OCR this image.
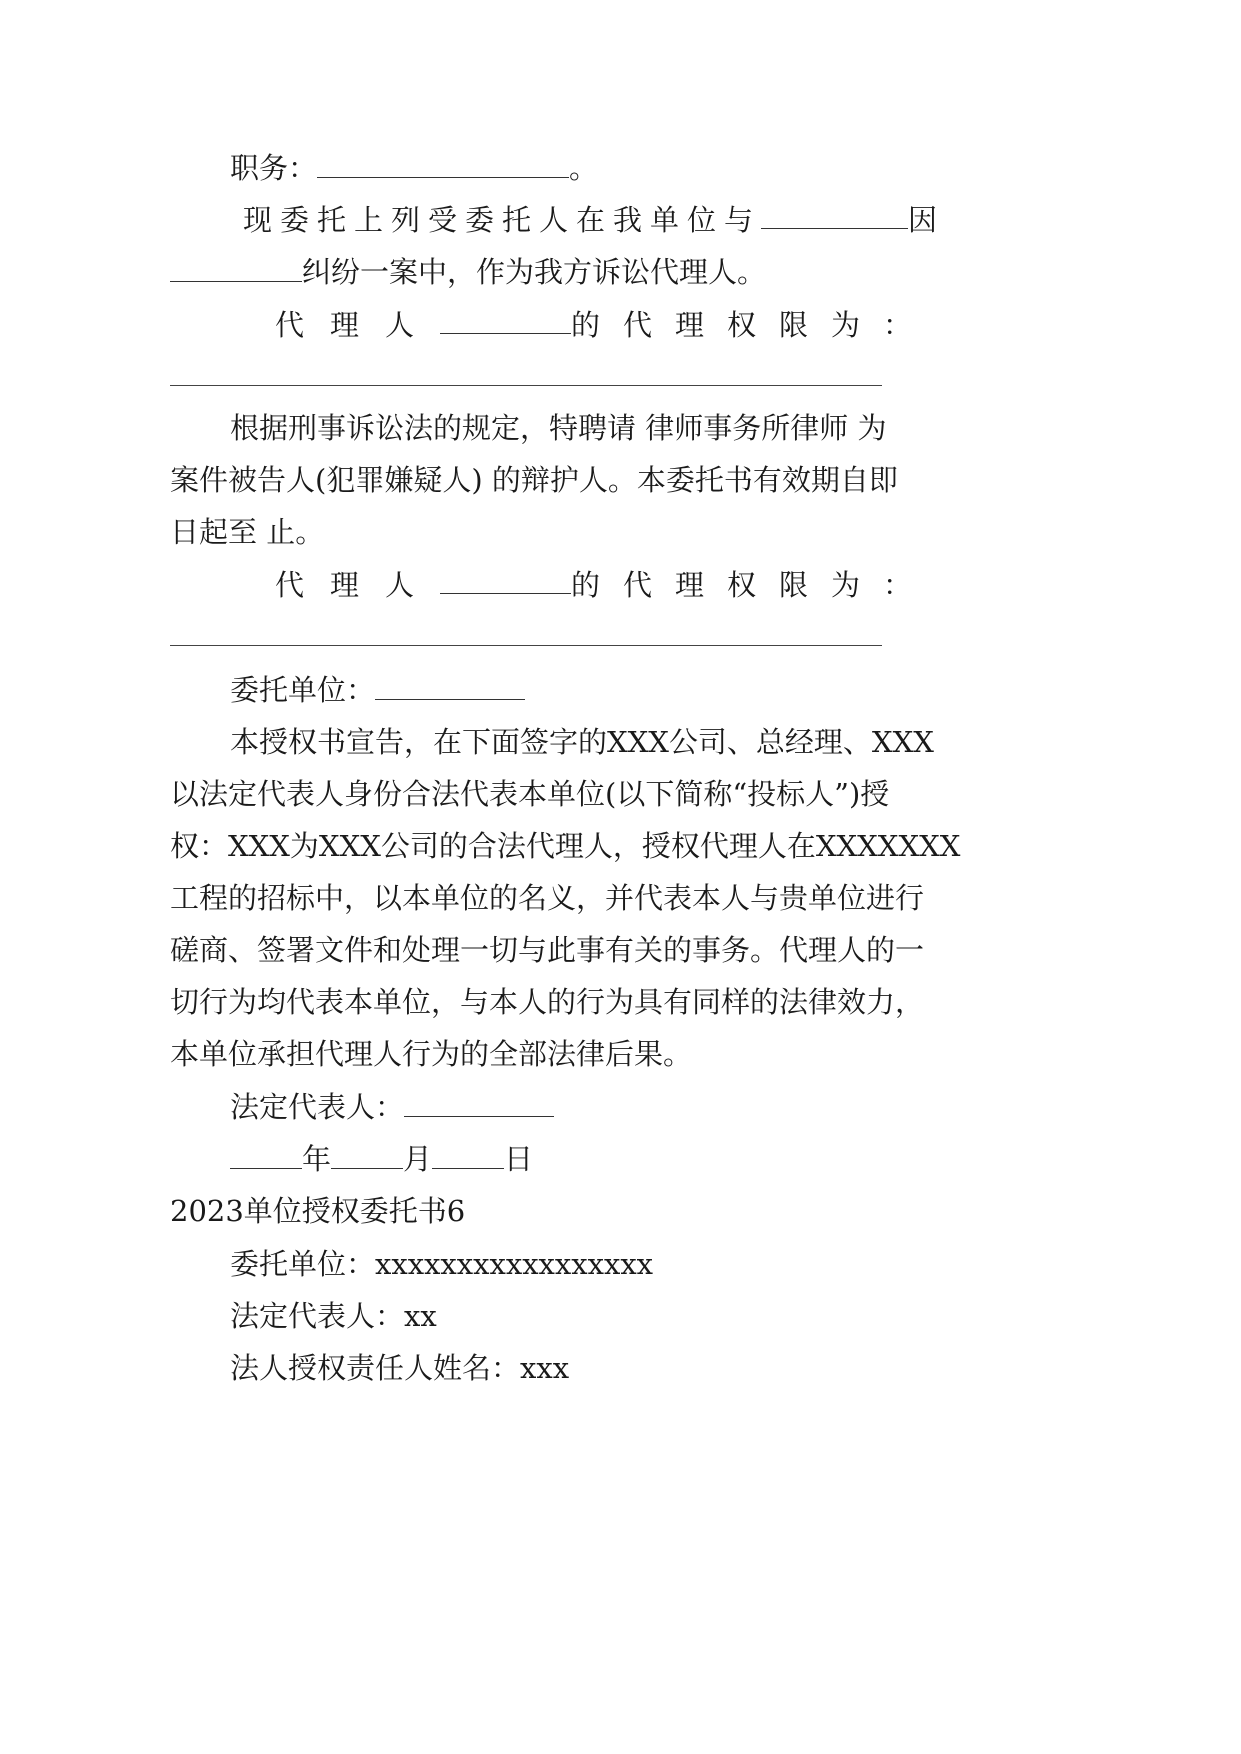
职务：	。
现委托上列受委托人在我单位与	因
纠纷一案中，作为我方诉讼代理人。
代理人	的代理权限为：
根据刑事诉讼法的规定，特聘请 律师事务所律师 为
案件被告人(犯罪嫌疑人) 的辩护人。本委托书有效期自即
日起至 止。
代理人	的代理权限为：
委托单位：
本授权书宣告，在下面签字的XXX公司、总经理、XXX
以法定代表人身份合法代表本单位(以下简称“投标人”)授
权：XXX为XXX公司的合法代理人，授权代理人在XXXXXXX
工程的招标中，以本单位的名义，并代表本人与贵单位进行
磋商、签署文件和处理一切与此事有关的事务。代理人的一
切行为均代表本单位，与本人的行为具有同样的法律效力，
本单位承担代理人行为的全部法律后果。
法定代表人：
年 月 日
2023单位授权委托书6
委托单位：xxxxxxxxxxxxxxxxx
法定代表人：xx
法人授权责任人姓名：xxx
